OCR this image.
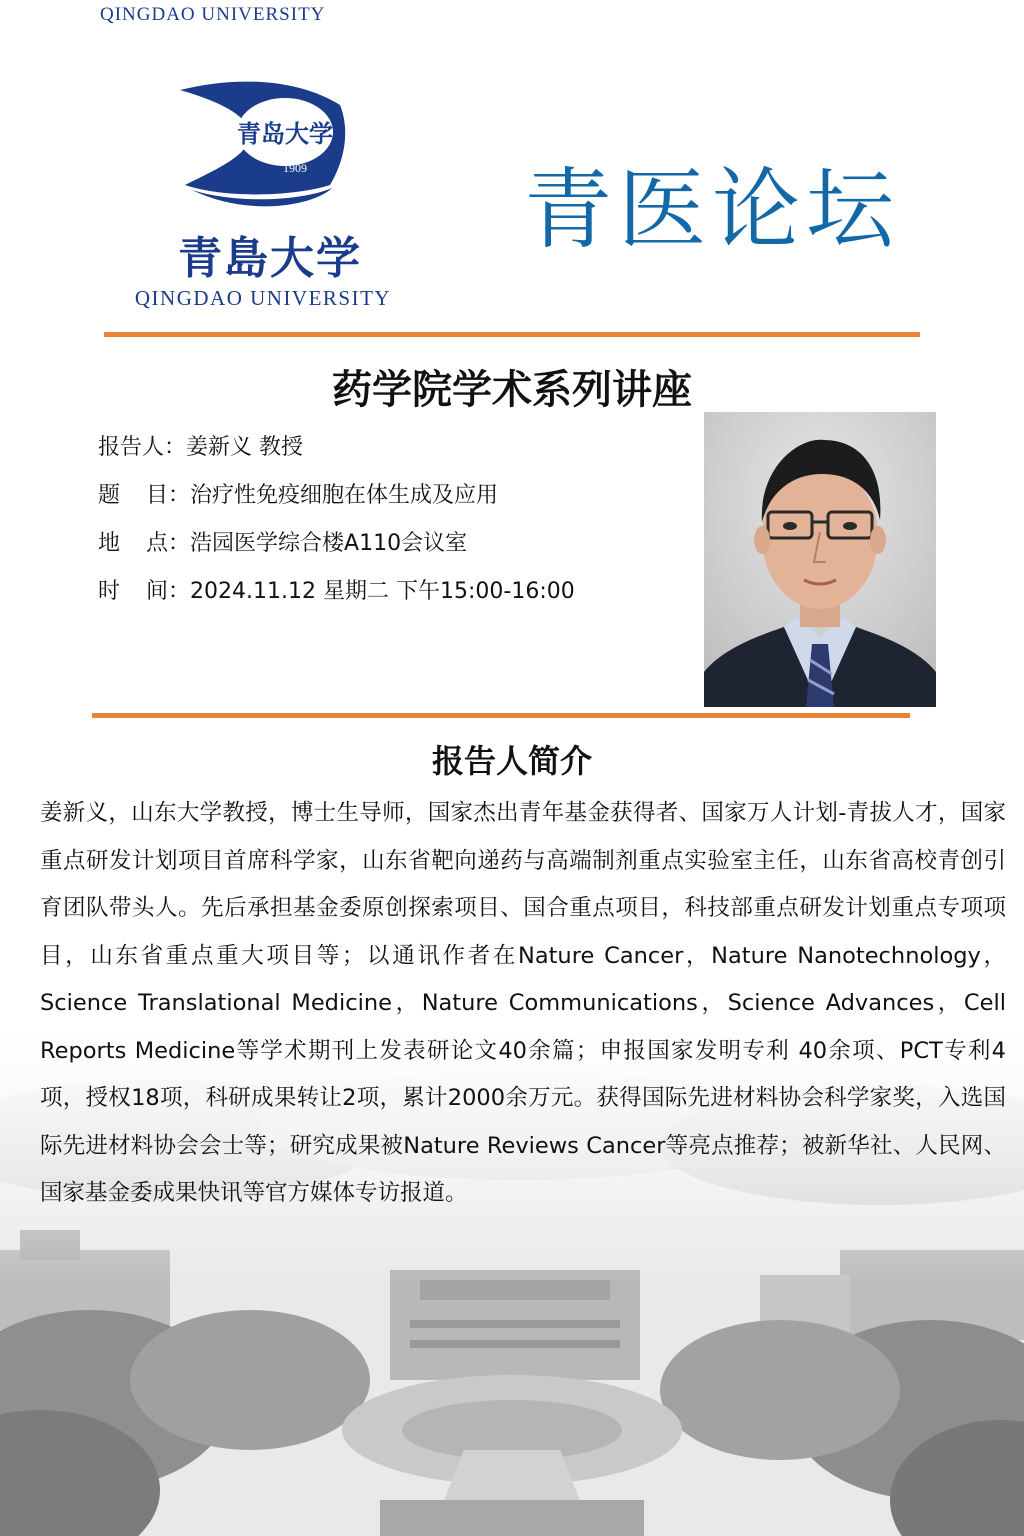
QINGDAO UNIVERSITY
青岛大学
1909
青島大学
QINGDAO UNIVERSITY
青医论坛
药学院学术系列讲座
报告人：姜新义 教授
题目：治疗性免疫细胞在体生成及应用
地点：浩园医学综合楼A110会议室
时间：2024.11.12 星期二 下午15:00-16:00
报告人简介

姜新义，山东大学教授，博士生导师，国家杰出青年基金获得者、国家万人计划-青拔人才，国家重点研发计划项目首席科学家，山东省靶向递药与高端制剂重点实验室主任，山东省高校青创引育团队带头人。先后承担基金委原创探索项目、国合重点项目，科技部重点研发计划重点专项项目，山东省重点重大项目等；以通讯作者在Nature Cancer，Nature Nanotechnology，Science Translational Medicine，Nature Communications，Science Advances，Cell Reports Medicine等学术期刊上发表研论文40余篇；申报国家发明专利 40余项、PCT专利4项，授权18项，科研成果转让2项，累计2000余万元。获得国际先进材料协会科学家奖，入选国际先进材料协会会士等；研究成果被Nature Reviews Cancer等亮点推荐；被新华社、人民网、国家基金委成果快讯等官方媒体专访报道。
